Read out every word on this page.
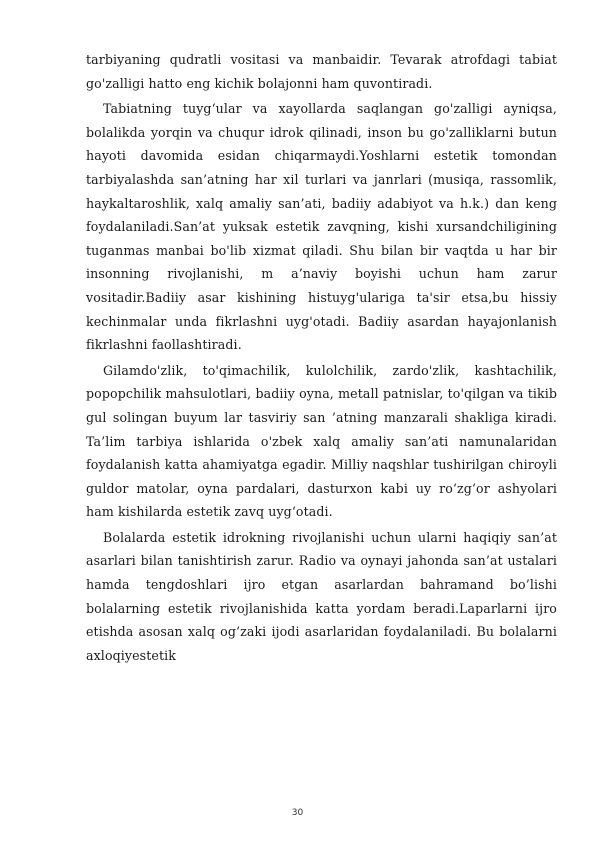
tarbiyaning qudratli vositasi va manbaidir. Tevarak atrofdagi tabiat go'zalligi hatto eng kichik bolajonni ham quvontiradi.

Tabiatning tuyg‘ular va xayollarda saqlangan go'zalligi ayniqsa, bolalikda yorqin va chuqur idrok qilinadi, inson bu go'zalliklarni butun hayoti davomida esidan chiqarmaydi.Yoshlarni estetik tomondan tarbiyalashda san’atning har xil turlari va janrlari (musiqa, rassomlik, haykaltaroshlik, xalq amaliy san’ati, badiiy adabiyot va h.k.) dan keng foydalaniladi.San’at yuksak estetik zavqning, kishi xursandchiligining tuganmas manbai bo'lib xizmat qiladi. Shu bilan bir vaqtda u har bir insonning rivojlanishi, m a’naviy boyishi uchun ham zarur vositadir.Badiiy asar kishining histuyg'ulariga ta'sir etsa,bu hissiy kechinmalar unda fikrlashni uyg'otadi. Badiiy asardan hayajonlanish fikrlashni faollashtiradi.

Gilamdo'zlik, to'qimachilik, kulolchilik, zardo'zlik, kashtachilik, popopchilik mahsulotlari, badiiy oyna, metall patnislar, to'qilgan va tikib gul solingan buyum lar tasviriy san ’atning manzarali shakliga kiradi. Ta’lim tarbiya ishlarida o'zbek xalq amaliy san’ati namunalaridan foydalanish katta ahamiyatga egadir. Milliy naqshlar tushirilgan chiroyli guldor matolar, oyna pardalari, dasturxon kabi uy ro‘zg‘or ashyolari ham kishilarda estetik zavq uyg‘otadi.

Bolalarda estetik idrokning rivojlanishi uchun ularni haqiqiy san’at asarlari bilan tanishtirish zarur. Radio va oynayi jahonda san’at ustalari hamda tengdoshlari ijro etgan asarlardan bahramand bo’lishi bolalarning estetik rivojlanishida katta yordam beradi.Laparlarni ijro etishda asosan xalq og‘zaki ijodi asarlaridan foydalaniladi. Bu bolalarni axloqiyestetik

30
